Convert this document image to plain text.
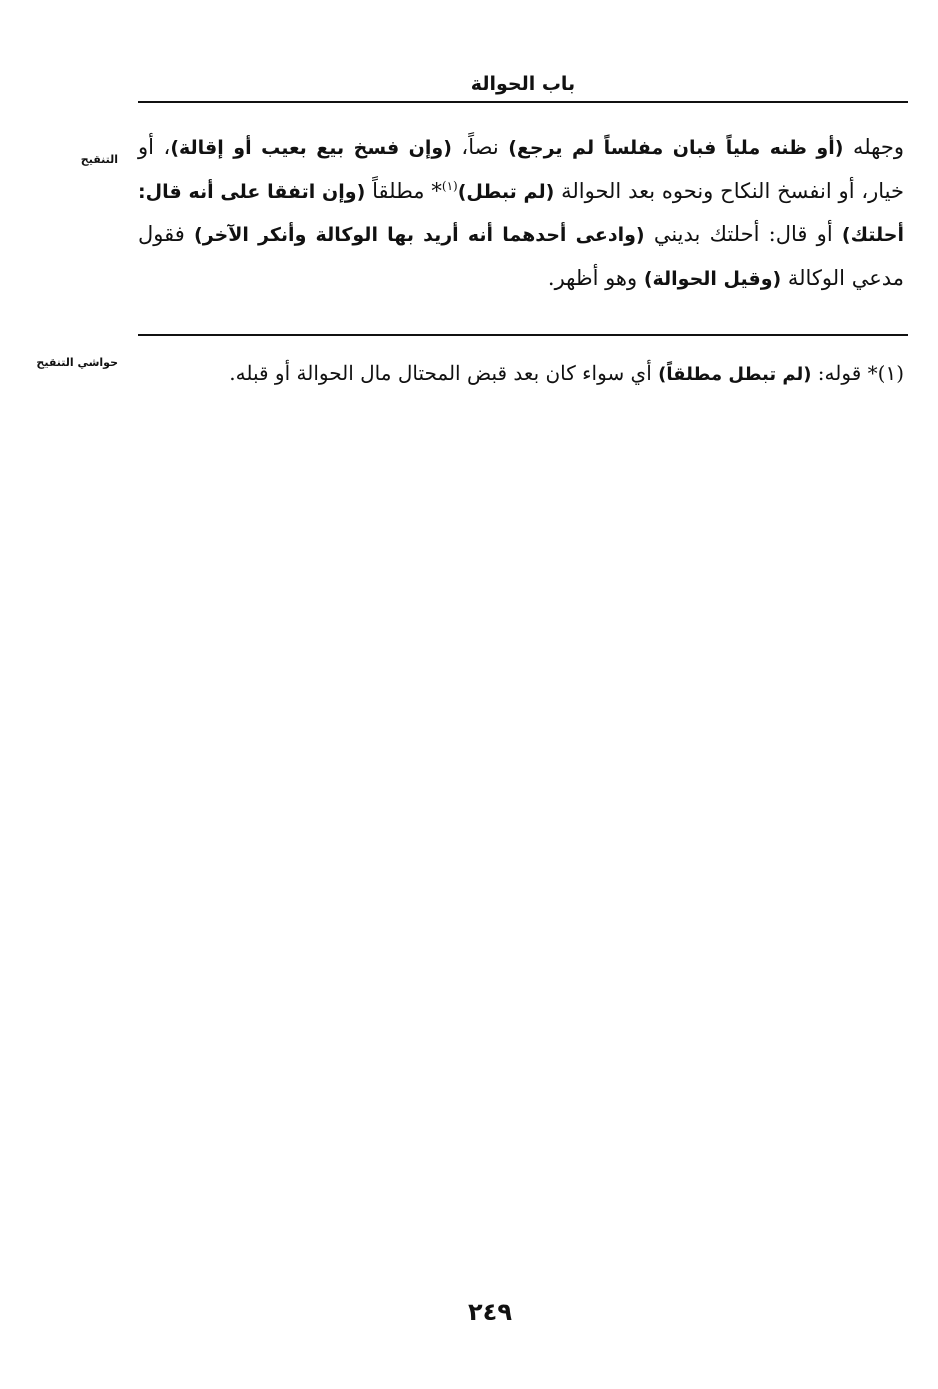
باب الحوالة
التنقيح
وجهله (أو ظنه ملياً فبان مفلساً لم يرجع) نصاً، (وإن فسخ بيع بعيب أو إقالة)، أو خيار، أو انفسخ النكاح ونحوه بعد الحوالة (لم تبطل)$^{(١)}$* مطلقاً (وإن اتفقا على أنه قال: أحلتك) أو قال: أحلتك بديني (وادعى أحدهما أنه أريد بها الوكالة وأنكر الآخر) فقول مدعي الوكالة (وقيل الحوالة) وهو أظهر.
حواشي التنقيح	(١)* قوله: (لم تبطل مطلقاً) أي سواء كان بعد قبض المحتال مال الحوالة أو قبله.
٢٤٩
